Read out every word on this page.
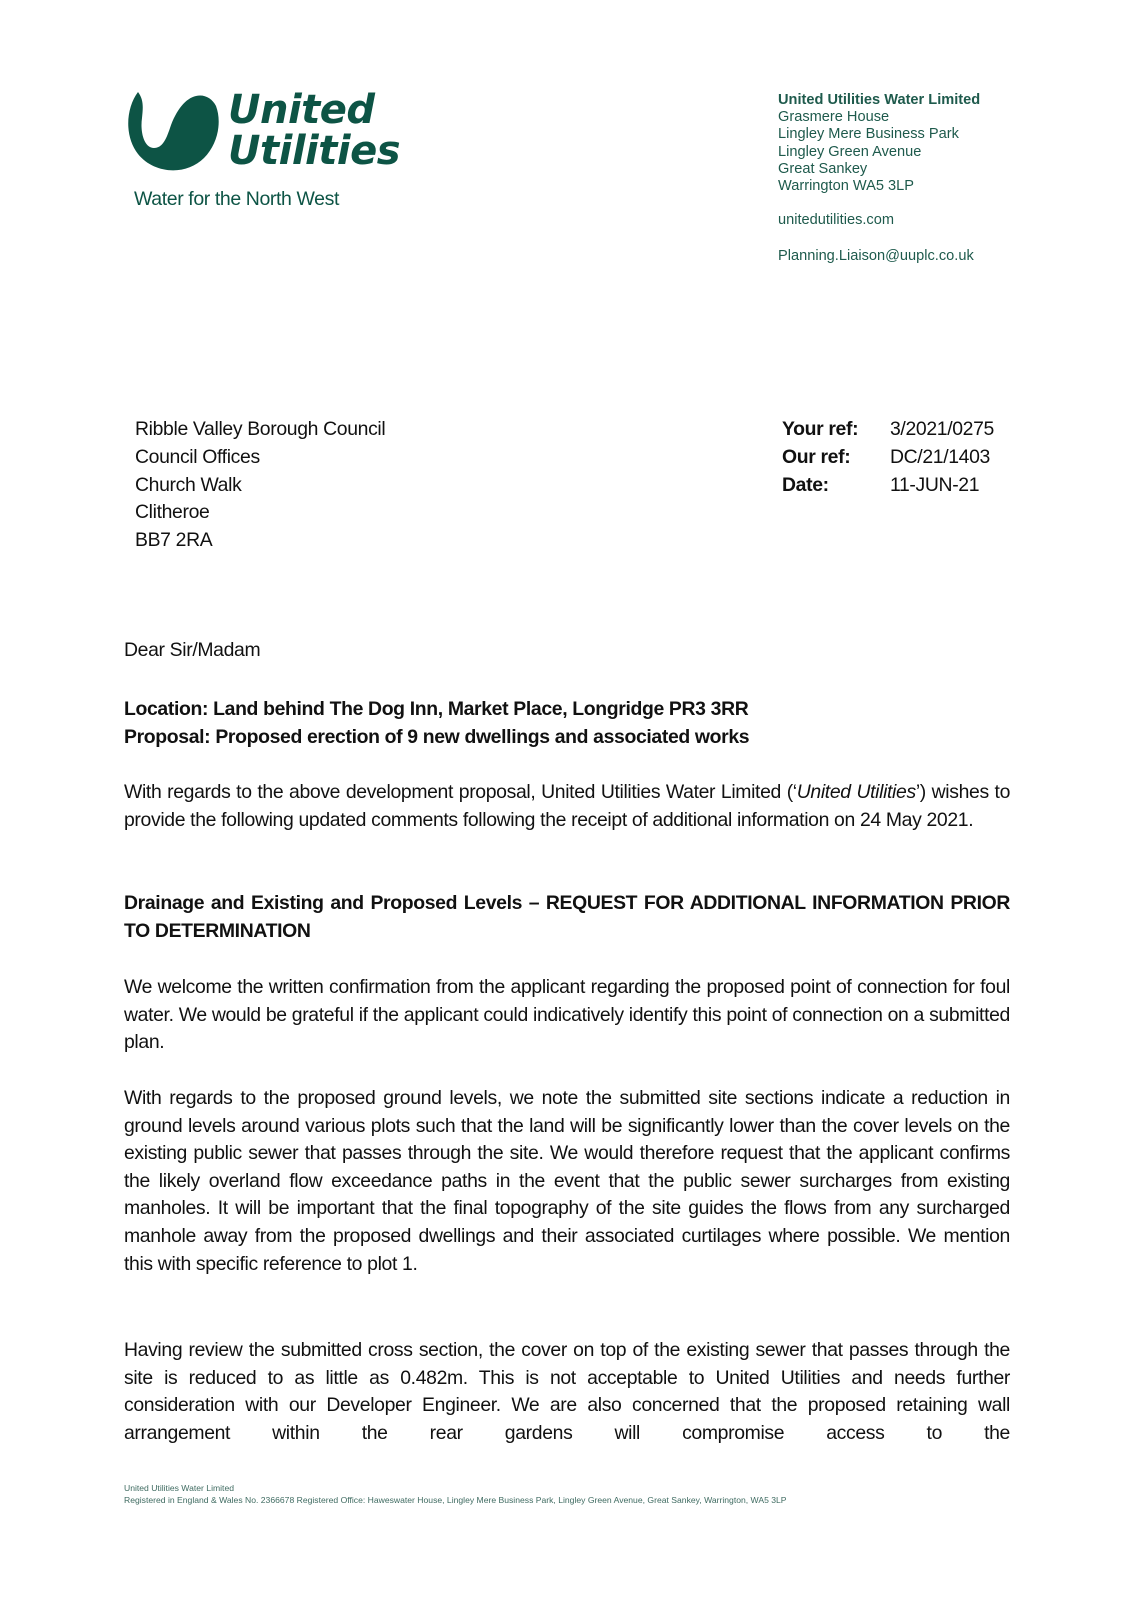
United
Utilities
Water for the North West
United Utilities Water Limited
Grasmere House
Lingley Mere Business Park
Lingley Green Avenue
Great Sankey
Warrington WA5 3LP
unitedutilities.com
Planning.Liaison@uuplc.co.uk
Ribble Valley Borough Council
Council Offices
Church Walk
Clitheroe
BB7 2RA
Your ref:	3/2021/0275
Our ref:	DC/21/1403
Date:	11-JUN-21
Dear Sir/Madam
Location: Land behind The Dog Inn, Market Place, Longridge PR3 3RR
Proposal: Proposed erection of 9 new dwellings and associated works

With regards to the above development proposal, United Utilities Water Limited (‘United Utilities’) wishes to provide the following updated comments following the receipt of additional information on 24 May 2021.

Drainage and Existing and Proposed Levels – REQUEST FOR ADDITIONAL INFORMATION PRIOR TO DETERMINATION

We welcome the written confirmation from the applicant regarding the proposed point of connection for foul water. We would be grateful if the applicant could indicatively identify this point of connection on a submitted plan.

With regards to the proposed ground levels, we note the submitted site sections indicate a reduction in ground levels around various plots such that the land will be significantly lower than the cover levels on the existing public sewer that passes through the site. We would therefore request that the applicant confirms the likely overland flow exceedance paths in the event that the public sewer surcharges from existing manholes. It will be important that the final topography of the site guides the flows from any surcharged manhole away from the proposed dwellings and their associated curtilages where possible. We mention this with specific reference to plot 1.

Having review the submitted cross section, the cover on top of the existing sewer that passes through the site is reduced to as little as 0.482m. This is not acceptable to United Utilities and needs further consideration with our Developer Engineer. We are also concerned that the proposed retaining wall arrangement within the rear gardens will compromise access to the

United Utilities Water Limited
Registered in England & Wales No. 2366678 Registered Office: Haweswater House, Lingley Mere Business Park, Lingley Green Avenue, Great Sankey, Warrington, WA5 3LP
